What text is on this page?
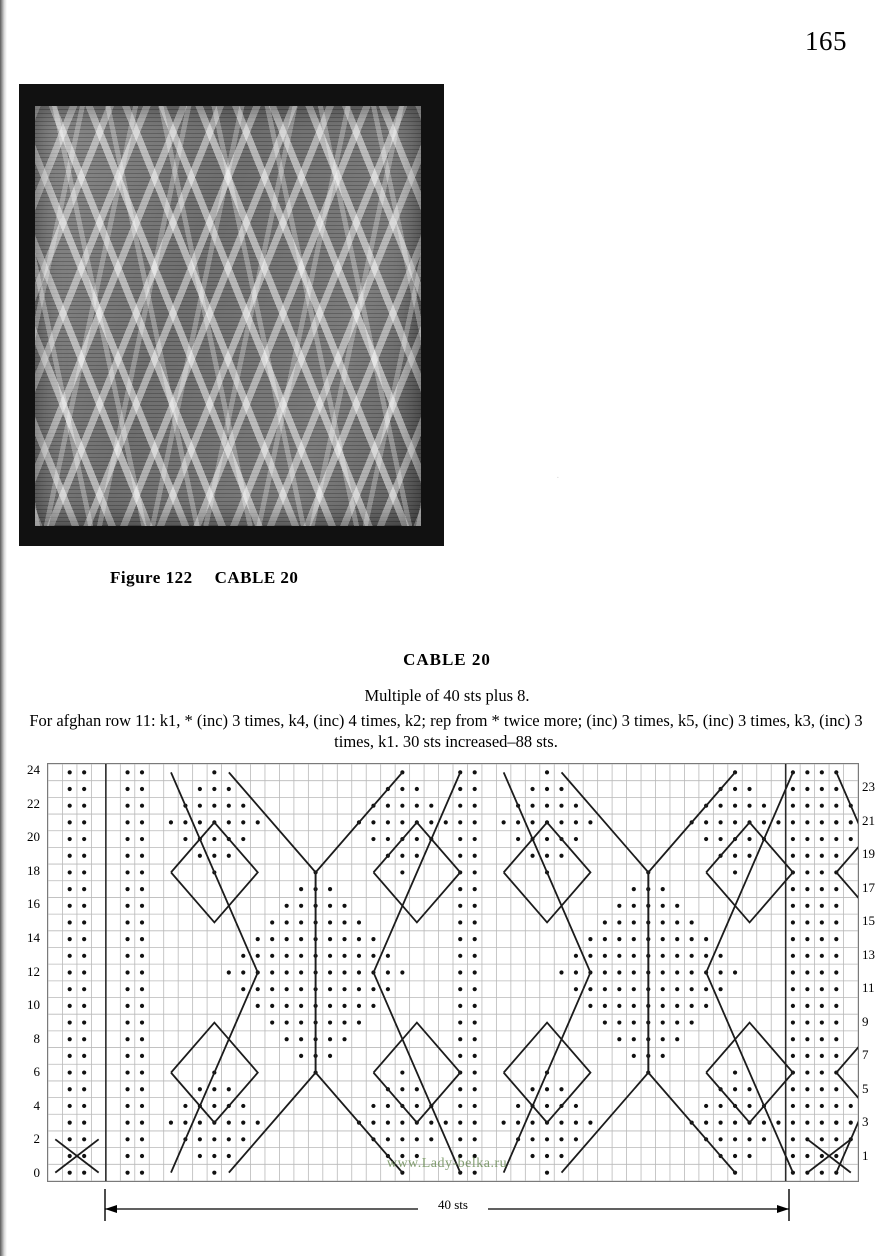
165
Figure 122 CABLE 20
CABLE 20
Multiple of 40 sts plus 8.
For afghan row 11: k1, * (inc) 3 times, k4, (inc) 4 times, k2; rep from * twice more; (inc) 3 times, k5, (inc) 3 times, k3, (inc) 3 times, k1. 30 sts increased–88 sts.
24
22
20
18
16
14
12
10
8
6
4
2
0
23
21
19
17
15
13
11
9
7
5
3
1
www.Lady-belka.ru
40 sts
·
